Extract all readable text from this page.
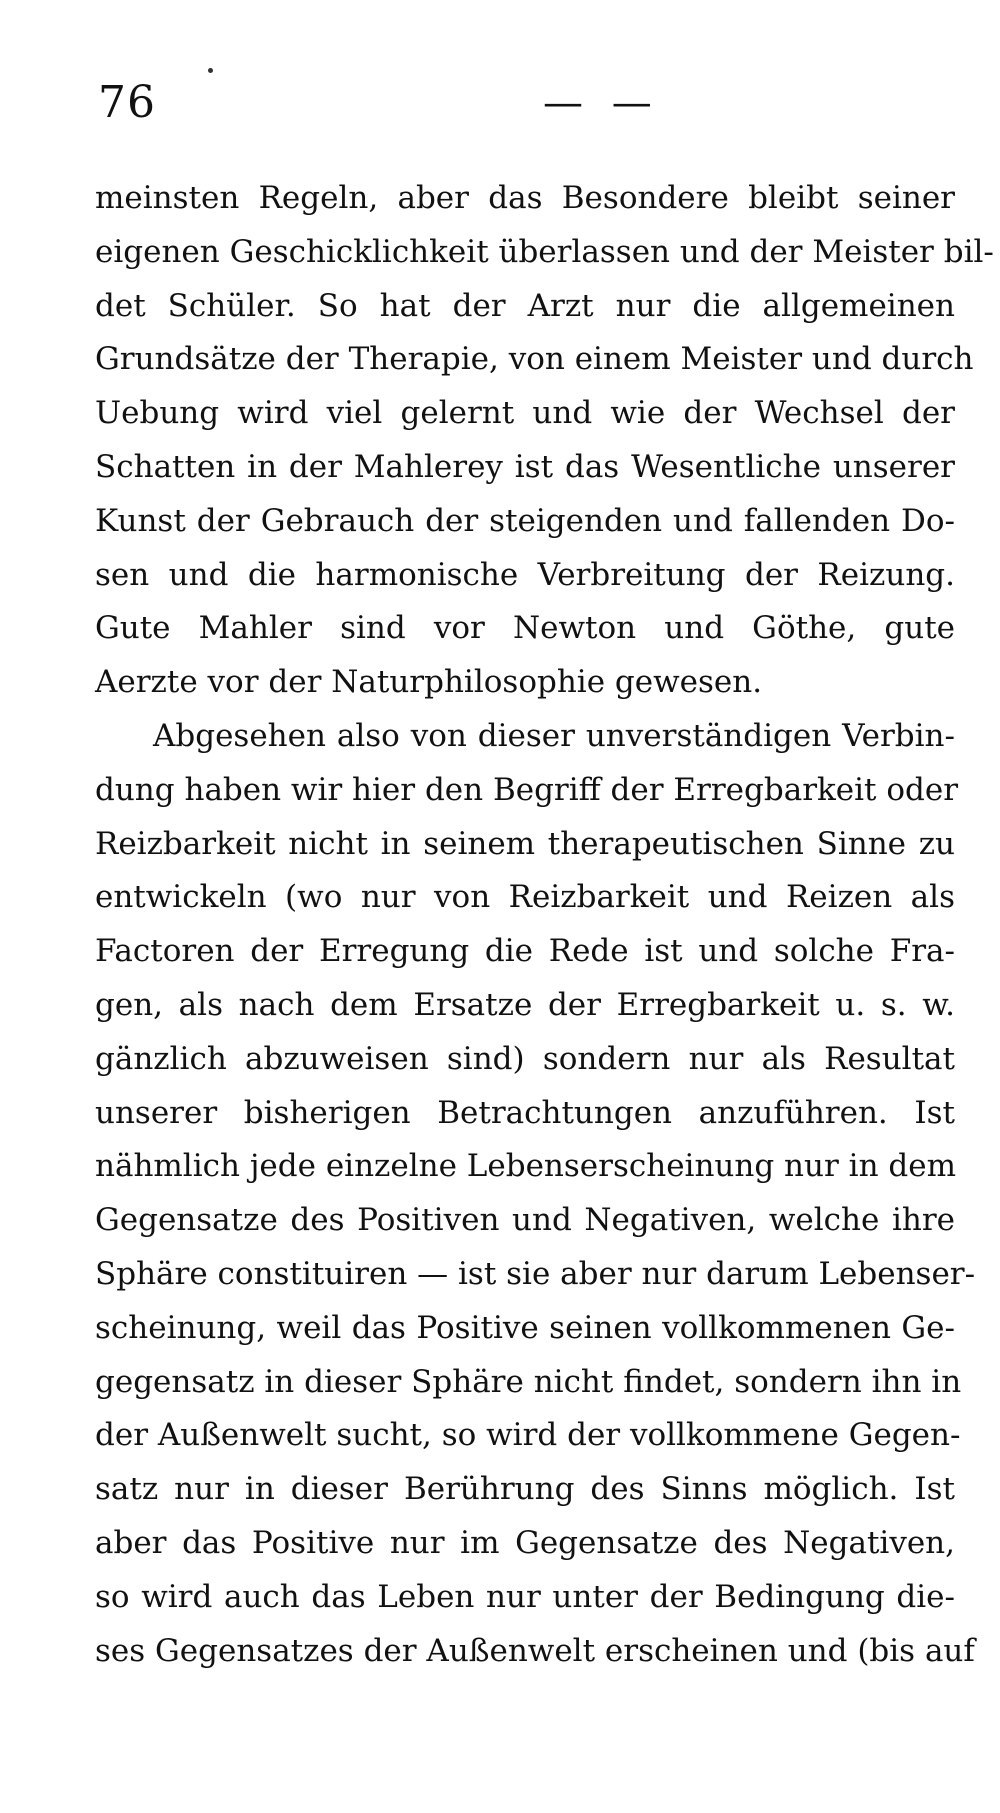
76	— —
meinsten Regeln, aber das Besondere bleibt seiner
eigenen Geschicklichkeit überlassen und der Meister bil-
det Schüler. So hat der Arzt nur die allgemeinen
Grundsätze der Therapie, von einem Meister und durch
Uebung wird viel gelernt und wie der Wechsel der
Schatten in der Mahlerey ist das Wesentliche unserer
Kunst der Gebrauch der steigenden und fallenden Do-
sen und die harmonische Verbreitung der Reizung.
Gute Mahler sind vor Newton und Göthe, gute
Aerzte vor der Naturphilosophie gewesen.
Abgesehen also von dieser unverständigen Verbin-
dung haben wir hier den Begriff der Erregbarkeit oder
Reizbarkeit nicht in seinem therapeutischen Sinne zu
entwickeln (wo nur von Reizbarkeit und Reizen als
Factoren der Erregung die Rede ist und solche Fra-
gen, als nach dem Ersatze der Erregbarkeit u. s. w.
gänzlich abzuweisen sind) sondern nur als Resultat
unserer bisherigen Betrachtungen anzuführen. Ist
nähmlich jede einzelne Lebenserscheinung nur in dem
Gegensatze des Positiven und Negativen, welche ihre
Sphäre constituiren — ist sie aber nur darum Lebenser-
scheinung, weil das Positive seinen vollkommenen Ge-
gegensatz in dieser Sphäre nicht findet, sondern ihn in
der Außenwelt sucht, so wird der vollkommene Gegen-
satz nur in dieser Berührung des Sinns möglich. Ist
aber das Positive nur im Gegensatze des Negativen,
so wird auch das Leben nur unter der Bedingung die-
ses Gegensatzes der Außenwelt erscheinen und (bis auf
